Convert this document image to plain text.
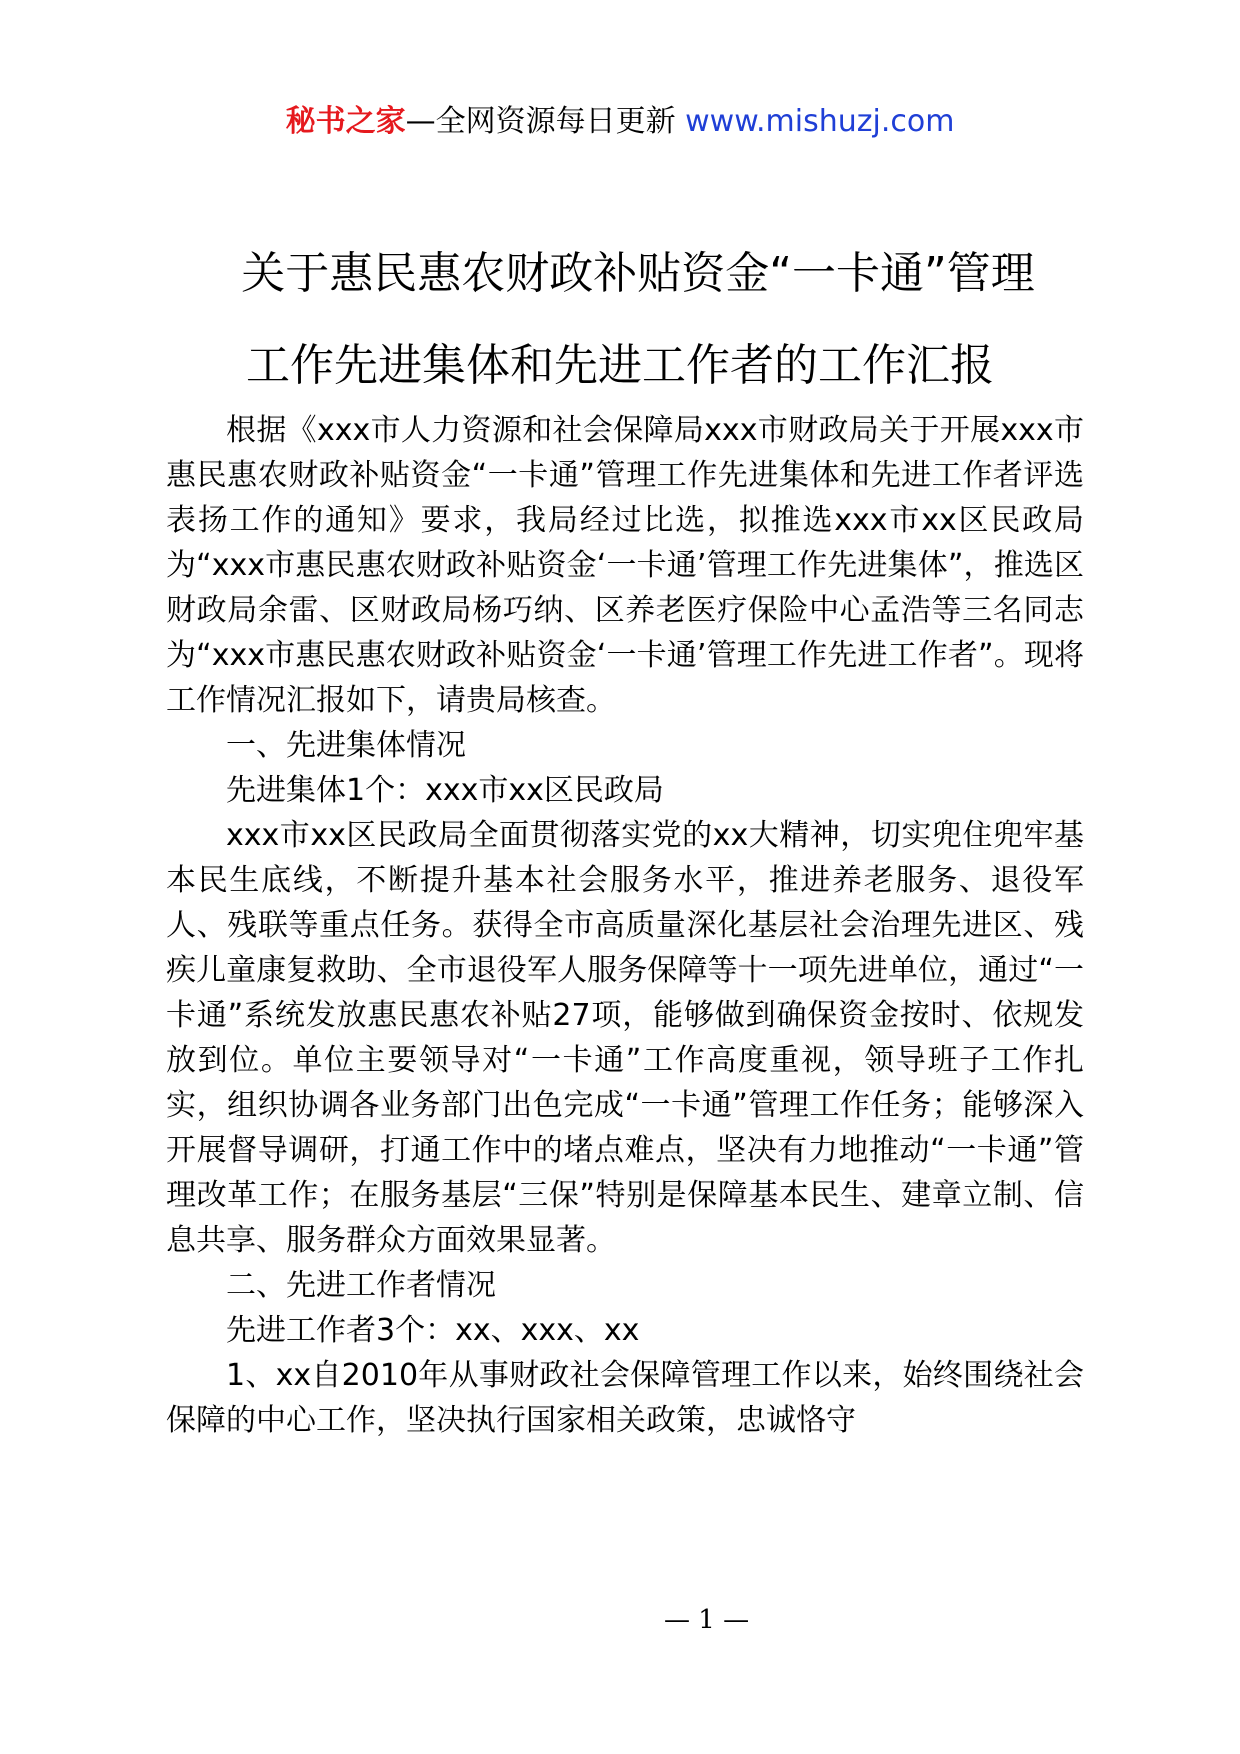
秘书之家—全网资源每日更新 www.mishuzj.com
关于惠民惠农财政补贴资金“一卡通”管理
工作先进集体和先进工作者的工作汇报

根据《xxx市人力资源和社会保障局xxx市财政局关于开展xxx市惠民惠农财政补贴资金“一卡通”管理工作先进集体和先进工作者评选表扬工作的通知》要求，我局经过比选，拟推选xxx市xx区民政局为“xxx市惠民惠农财政补贴资金‘一卡通’管理工作先进集体”，推选区财政局余雷、区财政局杨巧纳、区养老医疗保险中心孟浩等三名同志为“xxx市惠民惠农财政补贴资金‘一卡通’管理工作先进工作者”。现将工作情况汇报如下，请贵局核查。

一、先进集体情况

先进集体1个：xxx市xx区民政局

xxx市xx区民政局全面贯彻落实党的xx大精神，切实兜住兜牢基本民生底线，不断提升基本社会服务水平，推进养老服务、退役军人、残联等重点任务。获得全市高质量深化基层社会治理先进区、残疾儿童康复救助、全市退役军人服务保障等十一项先进单位，通过“一卡通”系统发放惠民惠农补贴27项，能够做到确保资金按时、依规发放到位。单位主要领导对“一卡通”工作高度重视，领导班子工作扎实，组织协调各业务部门出色完成“一卡通”管理工作任务；能够深入开展督导调研，打通工作中的堵点难点，坚决有力地推动“一卡通”管理改革工作；在服务基层“三保”特别是保障基本民生、建章立制、信息共享、服务群众方面效果显著。

二、先进工作者情况

先进工作者3个：xx、xxx、xx

1、xx自2010年从事财政社会保障管理工作以来，始终围绕社会保障的中心工作，坚决执行国家相关政策，忠诚恪守

— 1 —
